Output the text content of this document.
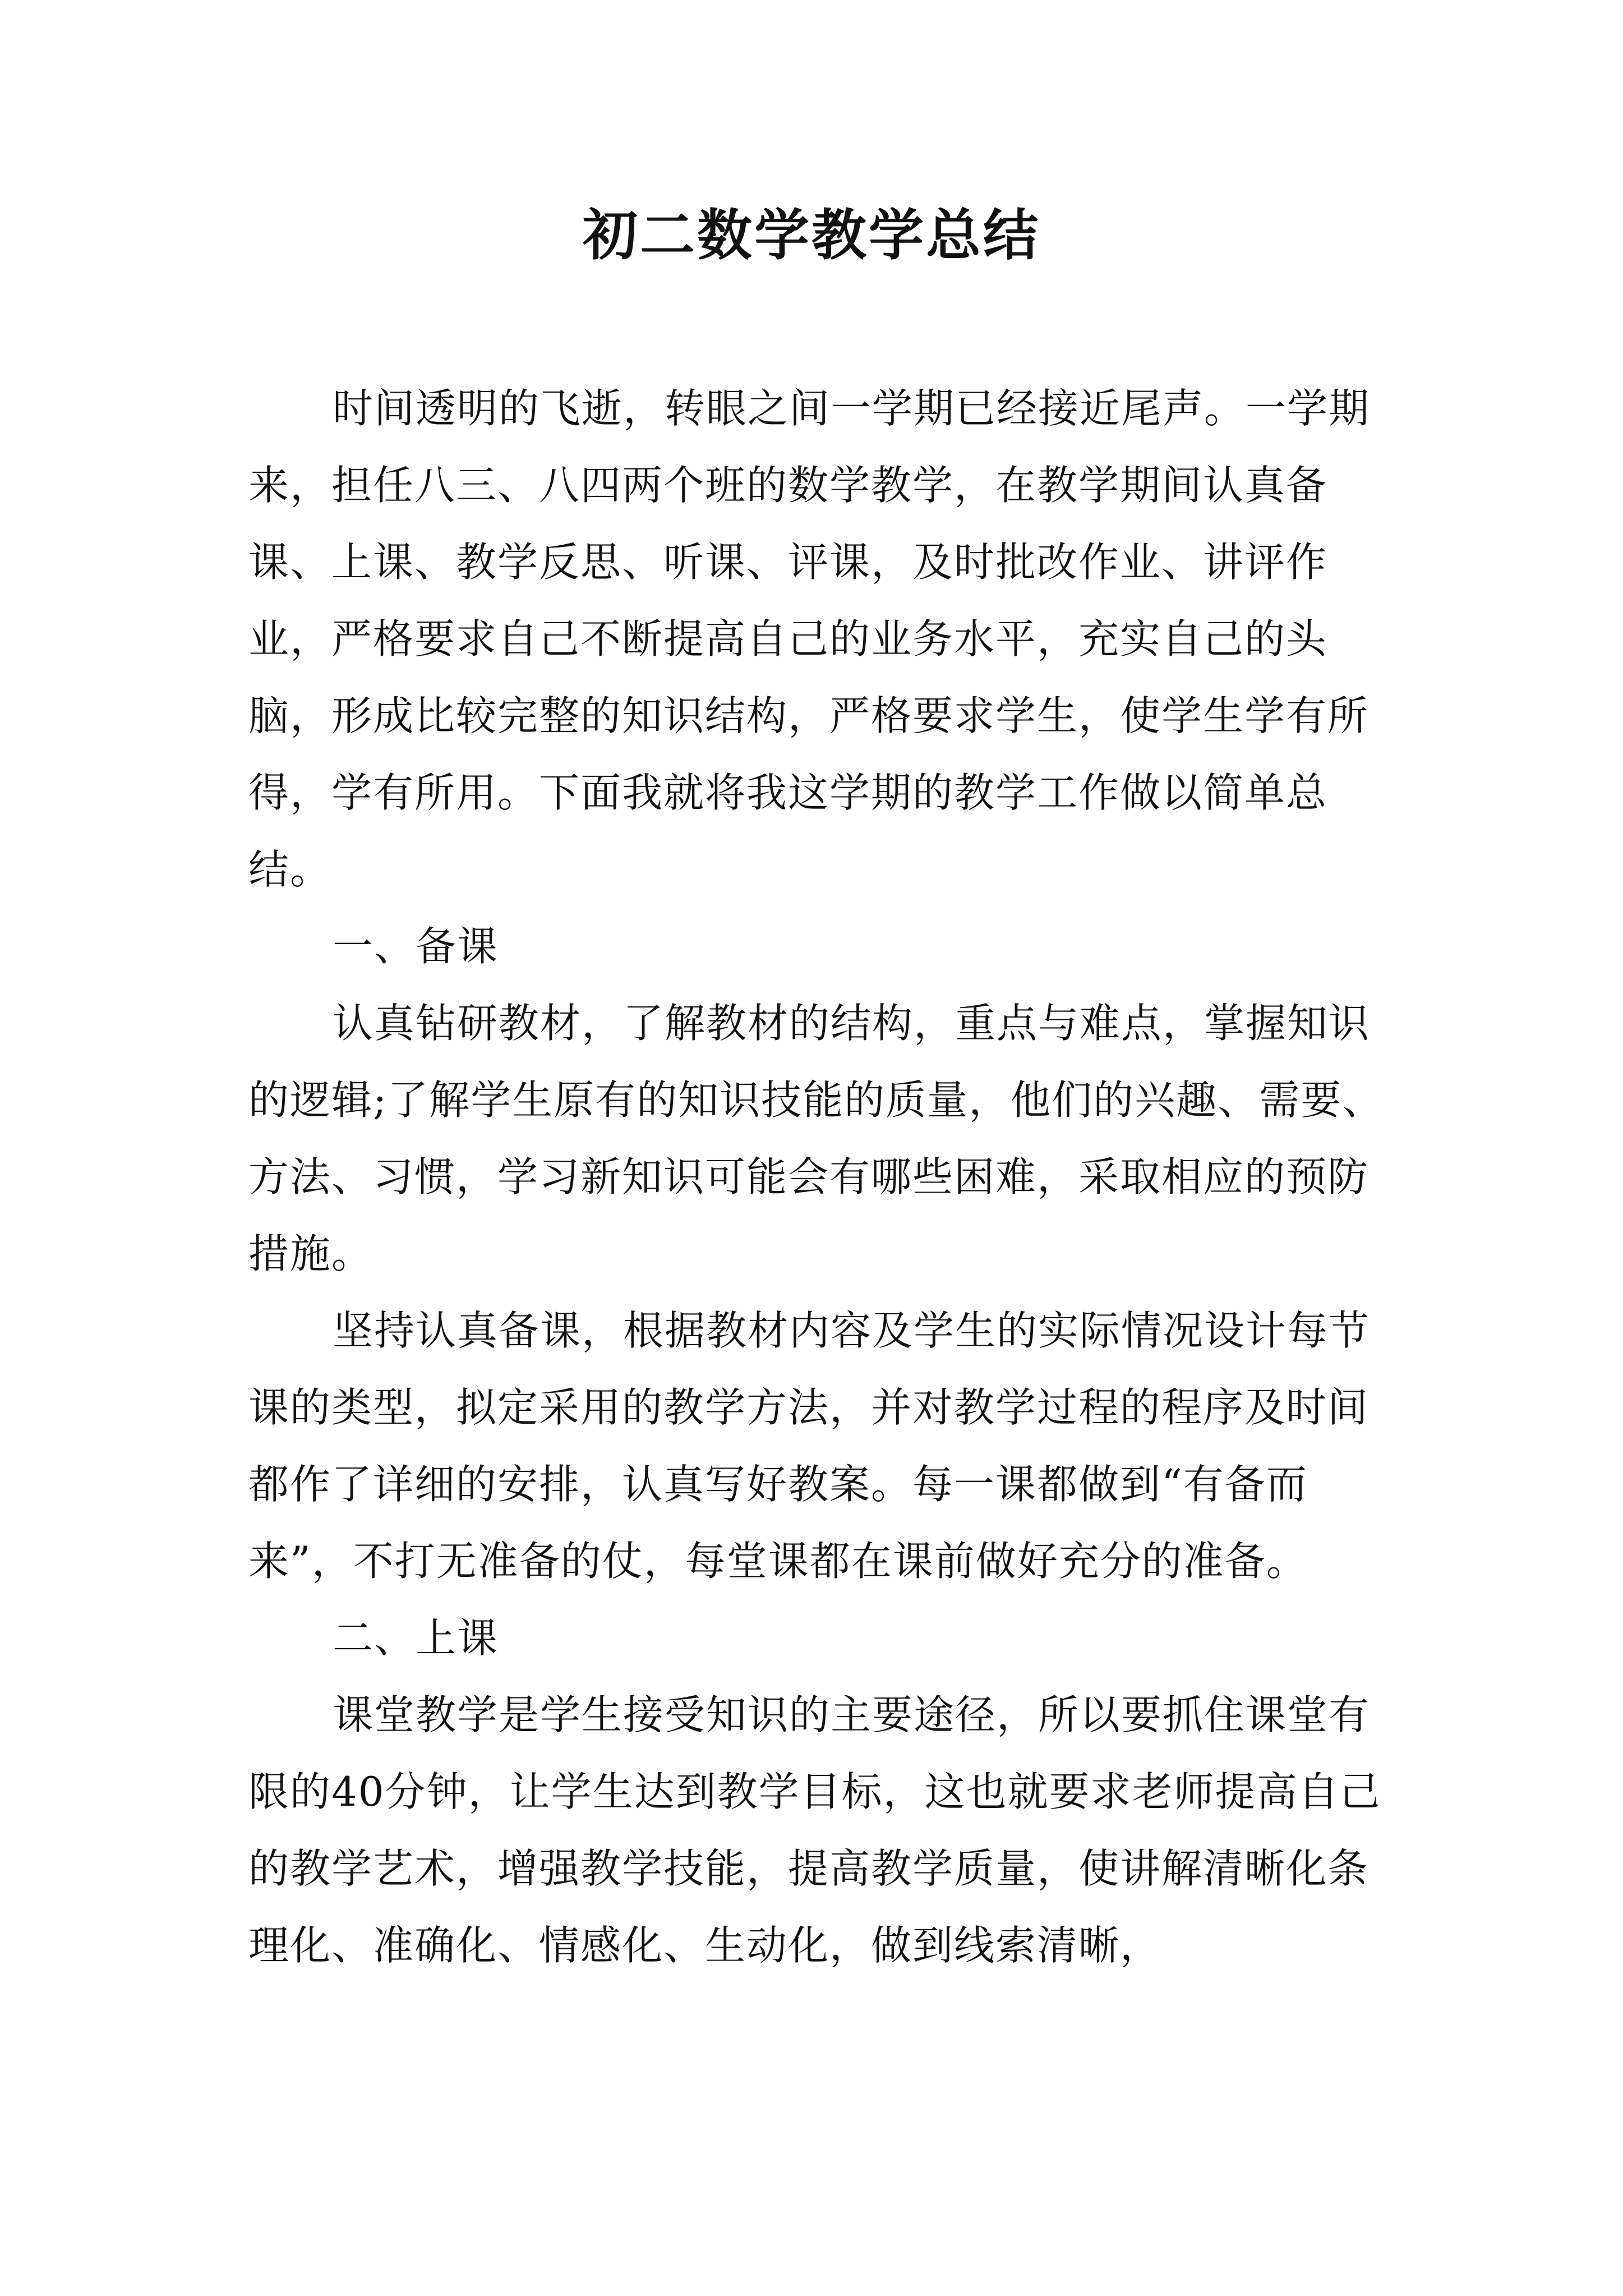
初二数学教学总结

时间透明的飞逝，转眼之间一学期已经接近尾声。一学期来，担任八三、八四两个班的数学教学，在教学期间认真备课、上课、教学反思、听课、评课，及时批改作业、讲评作业，严格要求自己不断提高自己的业务水平，充实自己的头脑，形成比较完整的知识结构，严格要求学生，使学生学有所得，学有所用。下面我就将我这学期的教学工作做以简单总结。

一、备课

认真钻研教材，了解教材的结构，重点与难点，掌握知识的逻辑;了解学生原有的知识技能的质量，他们的兴趣、需要、方法、习惯，学习新知识可能会有哪些困难，采取相应的预防措施。

坚持认真备课，根据教材内容及学生的实际情况设计每节课的类型，拟定采用的教学方法，并对教学过程的程序及时间都作了详细的安排，认真写好教案。每一课都做到“有备而来”，不打无准备的仗，每堂课都在课前做好充分的准备。

二、上课

课堂教学是学生接受知识的主要途径，所以要抓住课堂有限的40分钟，让学生达到教学目标，这也就要求老师提高自己的教学艺术，增强教学技能，提高教学质量，使讲解清晰化条理化、准确化、情感化、生动化，做到线索清晰，
